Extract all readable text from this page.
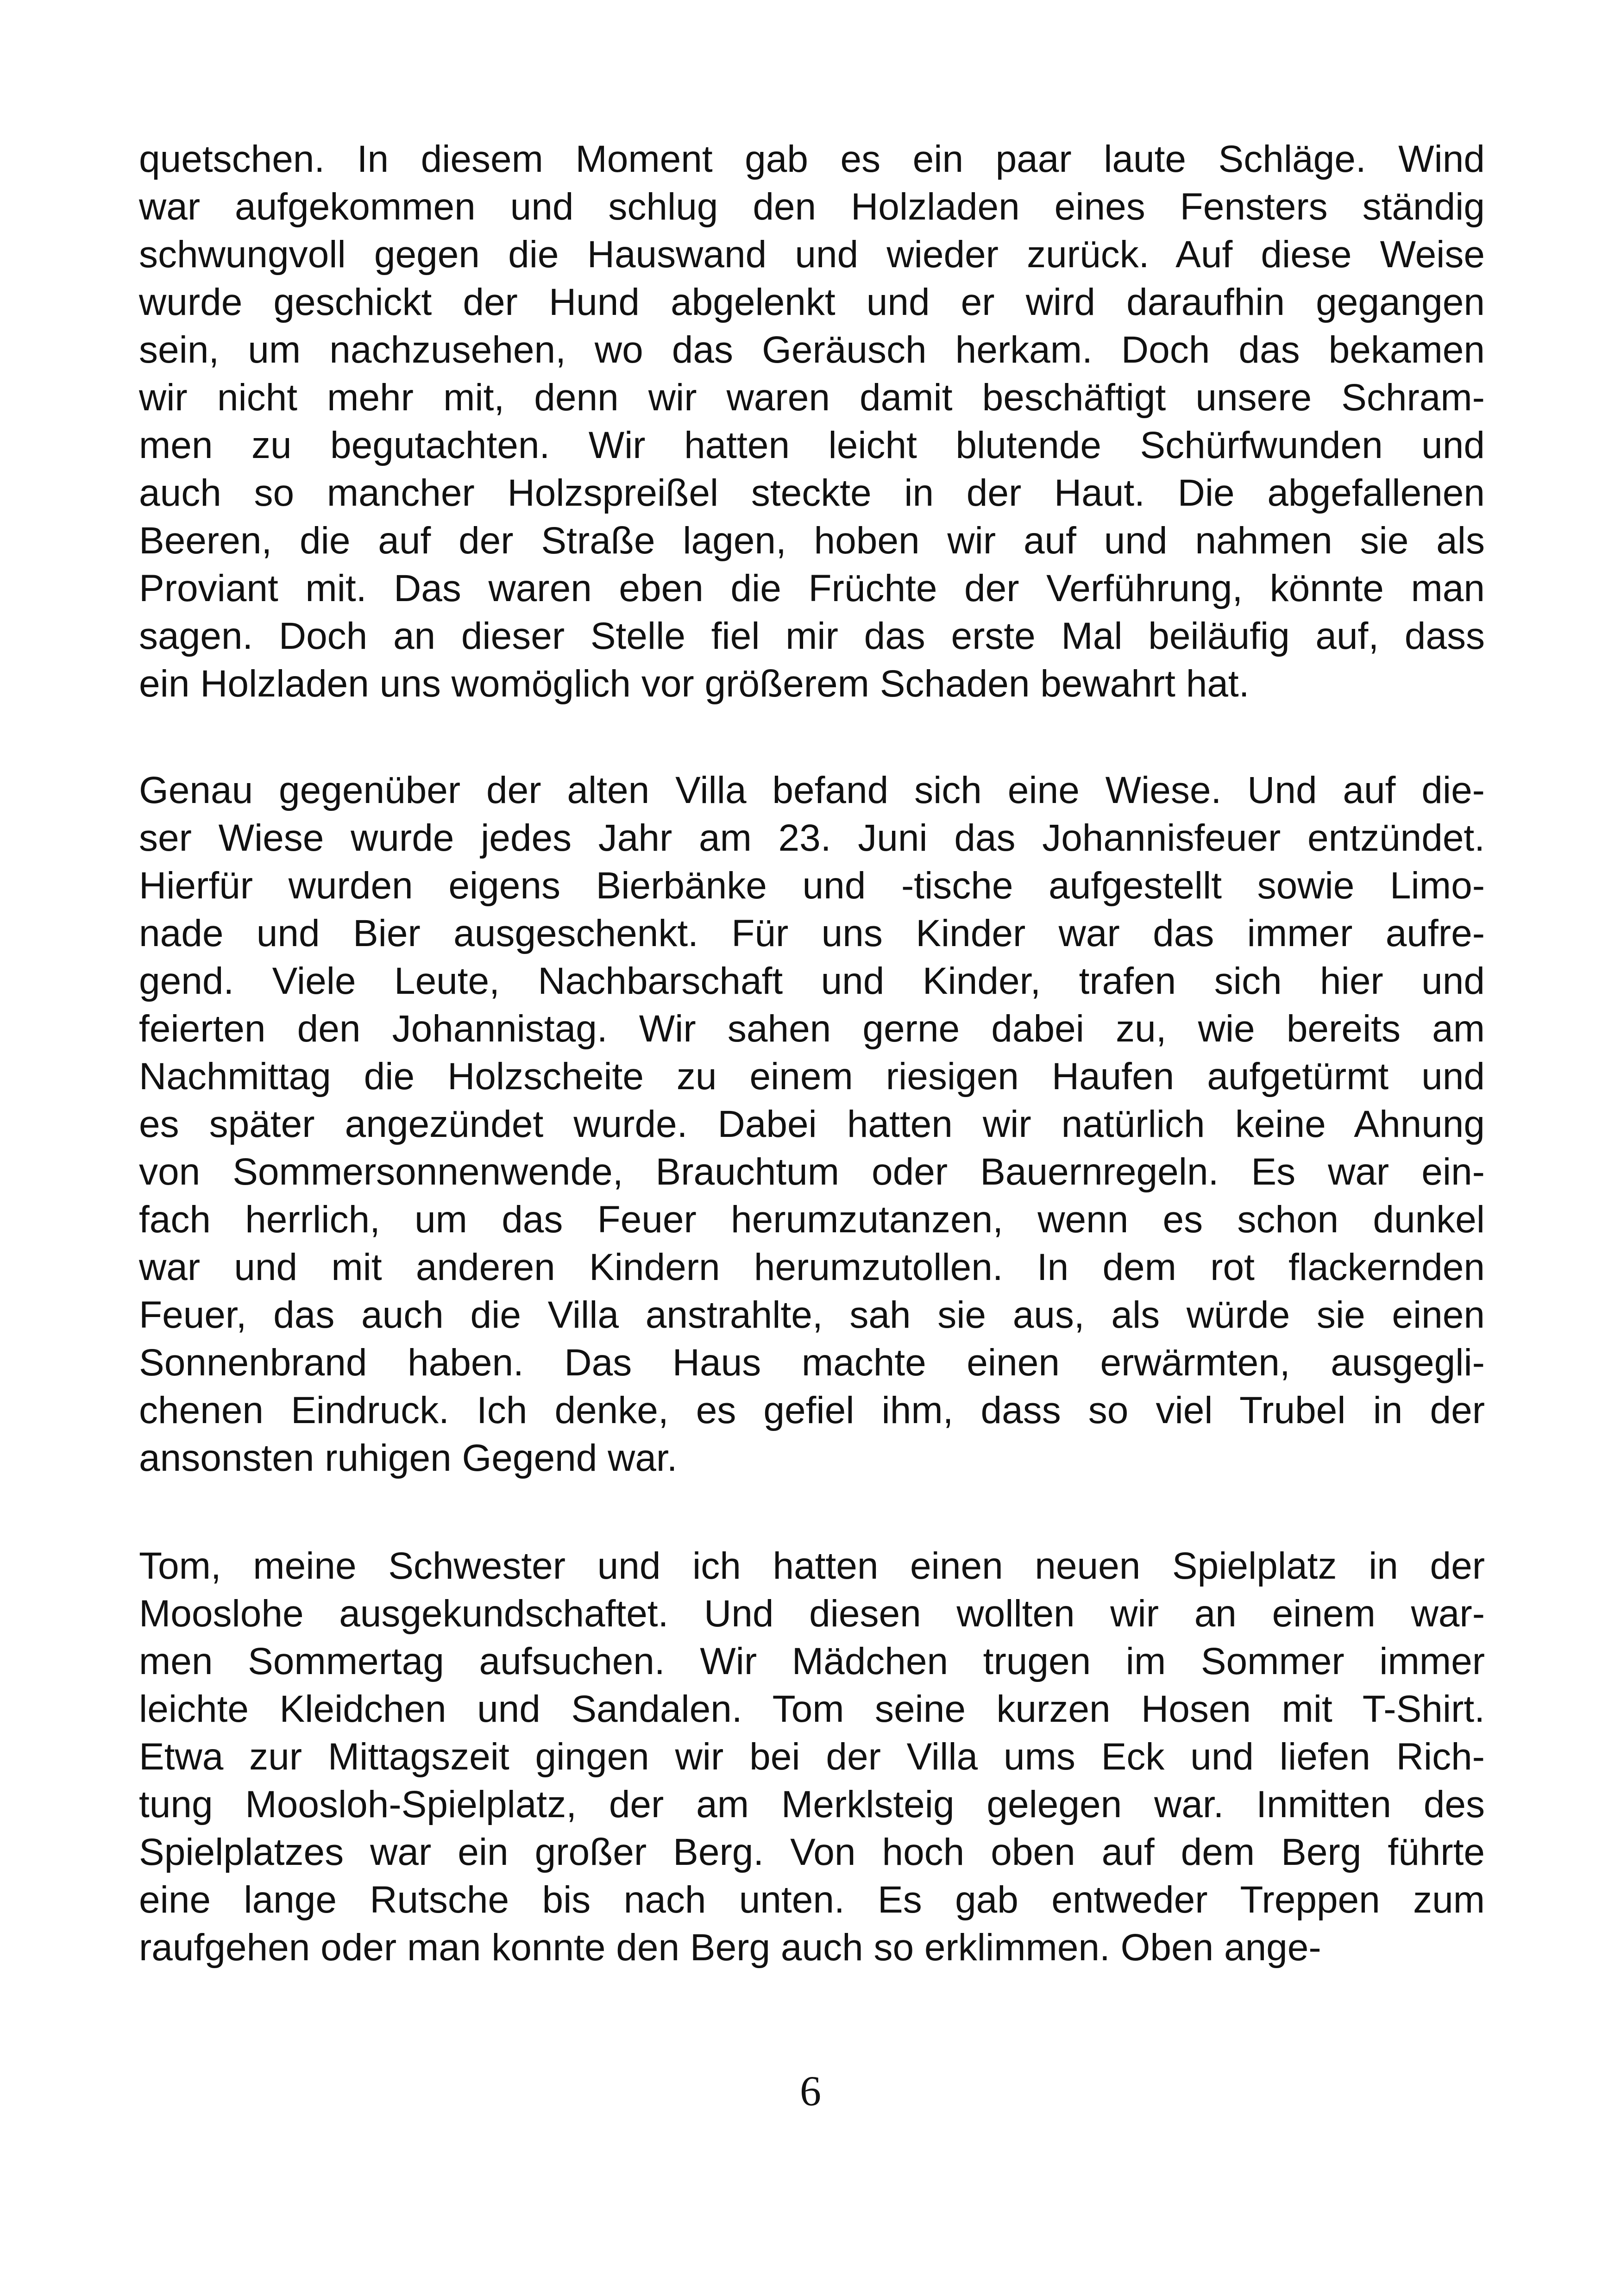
quetschen. In diesem Moment gab es ein paar laute Schläge. Wind
war aufgekommen und schlug den Holzladen eines Fensters ständig
schwungvoll gegen die Hauswand und wieder zurück. Auf diese Weise
wurde geschickt der Hund abgelenkt und er wird daraufhin gegangen
sein, um nachzusehen, wo das Geräusch herkam. Doch das bekamen
wir nicht mehr mit, denn wir waren damit beschäftigt unsere Schram-
men zu begutachten. Wir hatten leicht blutende Schürfwunden und
auch so mancher Holzspreißel steckte in der Haut. Die abgefallenen
Beeren, die auf der Straße lagen, hoben wir auf und nahmen sie als
Proviant mit. Das waren eben die Früchte der Verführung, könnte man
sagen. Doch an dieser Stelle fiel mir das erste Mal beiläufig auf, dass
ein Holzladen uns womöglich vor größerem Schaden bewahrt hat.
Genau gegenüber der alten Villa befand sich eine Wiese. Und auf die-
ser Wiese wurde jedes Jahr am 23. Juni das Johannisfeuer entzündet.
Hierfür wurden eigens Bierbänke und -tische aufgestellt sowie Limo-
nade und Bier ausgeschenkt. Für uns Kinder war das immer aufre-
gend. Viele Leute, Nachbarschaft und Kinder, trafen sich hier und
feierten den Johannistag. Wir sahen gerne dabei zu, wie bereits am
Nachmittag die Holzscheite zu einem riesigen Haufen aufgetürmt und
es später angezündet wurde. Dabei hatten wir natürlich keine Ahnung
von Sommersonnenwende, Brauchtum oder Bauernregeln. Es war ein-
fach herrlich, um das Feuer herumzutanzen, wenn es schon dunkel
war und mit anderen Kindern herumzutollen. In dem rot flackernden
Feuer, das auch die Villa anstrahlte, sah sie aus, als würde sie einen
Sonnenbrand haben. Das Haus machte einen erwärmten, ausgegli-
chenen Eindruck. Ich denke, es gefiel ihm, dass so viel Trubel in der
ansonsten ruhigen Gegend war.
Tom, meine Schwester und ich hatten einen neuen Spielplatz in der
Mooslohe ausgekundschaftet. Und diesen wollten wir an einem war-
men Sommertag aufsuchen. Wir Mädchen trugen im Sommer immer
leichte Kleidchen und Sandalen. Tom seine kurzen Hosen mit T-Shirt.
Etwa zur Mittagszeit gingen wir bei der Villa ums Eck und liefen Rich-
tung Moosloh-Spielplatz, der am Merklsteig gelegen war. Inmitten des
Spielplatzes war ein großer Berg. Von hoch oben auf dem Berg führte
eine lange Rutsche bis nach unten. Es gab entweder Treppen zum
raufgehen oder man konnte den Berg auch so erklimmen. Oben ange-
6
